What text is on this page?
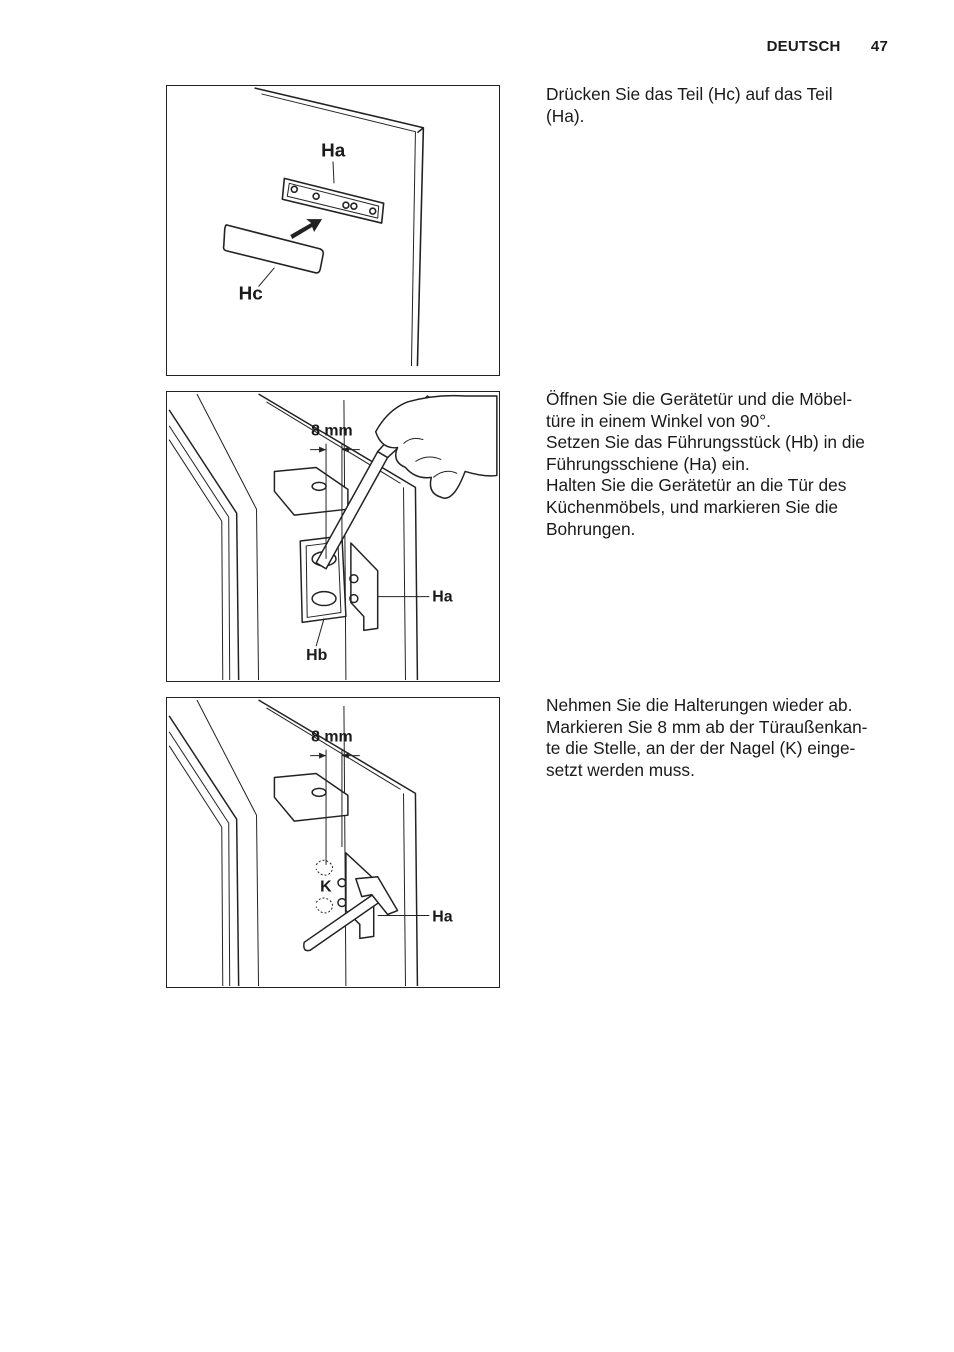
DEUTSCH 47
Ha
Hc
8 mm
Ha
Hb
8 mm
K
Ha

Drücken Sie das Teil (Hc) auf das Teil

(Ha).

Öffnen Sie die Gerätetür und die Möbel-

türe in einem Winkel von 90°.

Setzen Sie das Führungsstück (Hb) in die

Führungsschiene (Ha) ein.

Halten Sie die Gerätetür an die Tür des

Küchenmöbels, und markieren Sie die

Bohrungen.

Nehmen Sie die Halterungen wieder ab.

Markieren Sie 8 mm ab der Türaußenkan-

te die Stelle, an der der Nagel (K) einge-

setzt werden muss.
